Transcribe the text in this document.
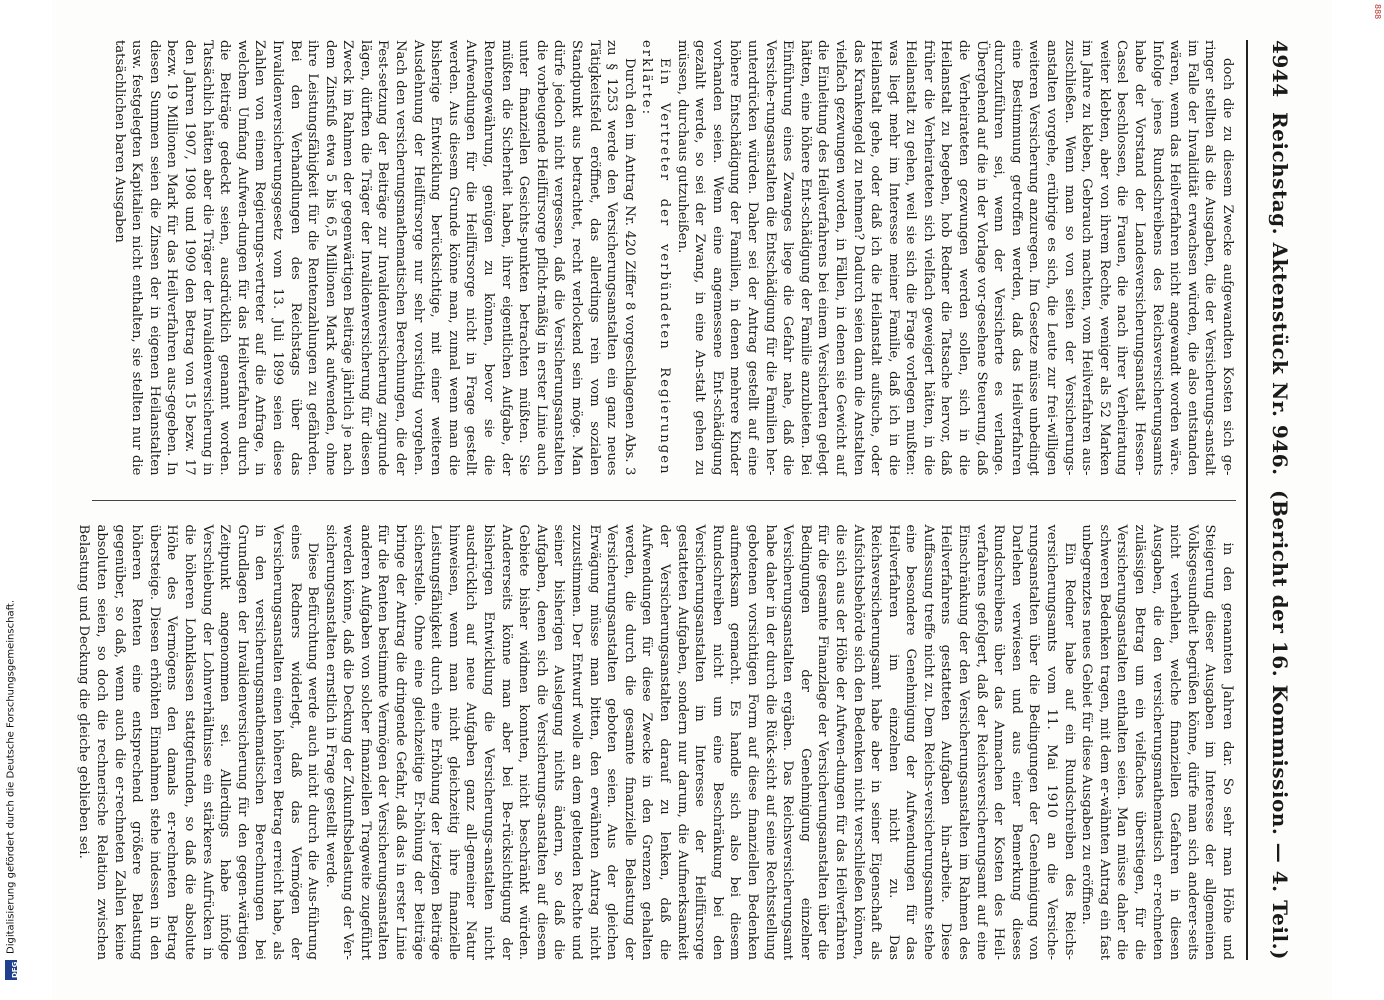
DFG
Digitalisierung gefördert durch die Deutsche Forschungsgemeinschaft.
888
4944
Reichstag. Aktenstück Nr. 946.
(Bericht der 16. Kommission. — 4. Teil.)

doch die zu diesem Zwecke aufgewandten Kosten sich ge-ringer stellten als die Ausgaben, die der Versicherungs-anstalt im Falle der Invalidität erwachsen würden, die also entstanden wären, wenn das Heilverfahren nicht angewandt worden wäre. Infolge jenes Rundschreibens des Reichsversicherungsamts habe der Vorstand der Landesversicherungsanstalt Hessen-Cassel beschlossen, die Frauen, die nach ihrer Verheiratung weiter klebten, aber von ihrem Rechte, weniger als 52 Marken im Jahre zu kleben, Gebrauch machten, vom Heilverfahren aus-zuschließen. Wenn man so von seiten der Versicherungs-anstalten vorgehe, erübrige es sich, die Leute zur frei-willigen weiteren Versicherung anzuregen. Im Gesetze müsse unbedingt eine Bestimmung getroffen werden, daß das Heilverfahren durchzuführen sei, wenn der Versicherte es verlange. Übergehend auf die in der Vorlage vor-gesehene Steuerung, daß die Verheirateten gezwungen werden sollen, sich in die Heilanstalt zu begeben, hob Redner die Tatsache hervor, daß früher die Verheirateten sich vielfach geweigert hätten, in die Heilanstalt zu gehen, weil sie sich die Frage vorlegen mußten: was liegt mehr im Interesse meiner Familie, daß ich in die Heilanstalt gehe, oder daß ich die Heilanstalt aufsuche, oder das Krankengeld zu nehmen? Dadurch seien dann die Anstalten vielfach gezwungen worden, in Fällen, in denen sie Gewicht auf die Einleitung des Heilverfahrens bei einem Versicherten gelegt hätten, eine höhere Ent-schädigung der Familie anzubieten. Bei Einführung eines Zwanges liege die Gefahr nahe, daß die Versiche-rungsanstalten die Entschädigung für die Familien her-unterdrücken würden. Daher sei der Antrag gestellt auf eine höhere Entschädigung der Familien, in denen mehrere Kinder vorhanden seien. Wenn eine angemessene Ent-schädigung gezahlt werde, so sei der Zwang, in eine An-stalt gehen zu müssen, durchaus gutzuheißen.

Ein Vertreter der verbündeten Regierungen erklärte:

Durch den im Antrag Nr. 420 Ziffer 8 vorgeschlagenen Abs. 3 zu § 1253 werde den Versicherungsanstalten ein ganz neues Tätigkeitsfeld eröffnet, das allerdings rein vom sozialen Standpunkt aus betrachtet, recht verlockend sein möge. Man dürfe jedoch nicht vergessen, daß die Versicherungsanstalten die vorbeugende Heilfürsorge pflicht-mäßig in erster Linie auch unter finanziellen Gesichts-punkten betrachten müßten. Sie müßten die Sicherheit haben, ihrer eigentlichen Aufgabe, der Rentengewährung, genügen zu können, bevor sie die Aufwendungen für die Heilfürsorge nicht in Frage gestellt werden. Aus diesem Grunde könne man, zumal wenn man die bisherige Entwicklung berücksichtige, mit einer weiteren Ausdehnung der Heilfürsorge nur sehr vorsichtig vorgehen. Nach den versicherungsmathematischen Berechnungen, die der Fest-setzung der Beiträge zur Invalidenversicherung zugrunde lägen, dürften die Träger der Invalidenversicherung für diesen Zweck im Rahmen der gegenwärtigen Beiträge jährlich je nach dem Zinsfuß etwa 5 bis 6,5 Millionen Mark aufwenden, ohne ihre Leistungsfähigkeit für die Rentenzahlungen zu gefährden. Bei den Verhandlungen des Reichstags über das Invalidenversicherungsgesetz vom 13. Juli 1899 seien diese Zahlen von einem Regierungs-vertreter auf die Anfrage, in welchem Umfang Aufwen-dungen für das Heilverfahren durch die Beiträge gedeckt seien, ausdrücklich genannt worden. Tatsächlich hätten aber die Träger der Invalidenversicherung in den Jahren 1907, 1908 und 1909 den Betrag von 15 bezw. 17 bezw. 19 Millionen Mark für das Heilverfahren aus-gegeben. In diesen Summen seien die Zinsen der in eigenen Heilanstalten usw. festgelegten Kapitalien nicht enthalten, sie stellten nur die tatsächlichen baren Ausgaben

in den genannten Jahren dar. So sehr man Höhe und Steigerung dieser Ausgaben im Interesse der allgemeinen Volksgesundheit begrüßen könne, dürfe man sich anderer-seits nicht verhehlen, welche finanziellen Gefahren in diesen Ausgaben, die den versicherungsmathematisch er-rechneten zulässigen Betrag um ein vielfaches überstiegen, für die Versicherungsanstalten enthalten seien. Man müsse daher die schweren Bedenken tragen, mit dem er-wähnten Antrag ein fast unbegrenztes neues Gebiet für diese Ausgaben zu eröffnen.

Ein Redner habe auf ein Rundschreiben des Reichs-versicherungsamts vom 11. Mai 1910 an die Versiche-rungsanstalten über die Bedingungen der Genehmigung von Darlehen verwiesen und aus einer Bemerkung dieses Rundschreibens über das Anmachen der Kosten des Heil-verfahrens gefolgert, daß der Reichsversicherungsamt auf eine Einschränkung der den Versicherungsanstalten im Rahmen des Heilverfahrens gestatteten Aufgaben hin-arbeite. Diese Auffassung treffe nicht zu. Dem Reichs-versicherungsamte stehe eine besondere Genehmigung der Aufwendungen für das Heilverfahren im einzelnen nicht zu. Das Reichsversicherungsamt habe aber in seiner Eigenschaft als Aufsichtsbehörde sich den Bedenken nicht verschließen können, die sich aus der Höhe der Aufwen-dungen für das Heilverfahren für die gesamte Finanzlage der Versicherungsanstalten über die Bedingungen der Genehmigung einzelner Versicherungsanstalten ergäben. Das Reichsversicherungsamt habe daher in der durch die Rück-sicht auf seine Rechtsstellung gebotenen vorsichtigen Form auf diese finanziellen Bedenken aufmerksam gemacht. Es handle sich also bei diesem Rundschreiben nicht um eine Beschränkung bei den Versicherungsanstalten im Interesse der Heilfürsorge gestatteten Aufgaben, sondern nur darum, die Aufmerksamkeit der Versicherungsanstalten darauf zu lenken, daß die Aufwendungen für diese Zwecke in den Grenzen gehalten werden, die durch die gesamte finanzielle Belastung der Versicherungsanstalten geboten seien. Aus der gleichen Erwägung müsse man bitten, den erwähnten Antrag nicht zuzustimmen. Der Entwurf wolle an dem geltenden Rechte und seiner bisherigen Auslegung nichts ändern, so daß die Aufgaben, denen sich die Versicherungs-anstalten auf diesem Gebiete bisher widmen konnten, nicht beschränkt würden. Andererseits könne man aber bei Be-rücksichtigung der bisherigen Entwicklung die Versicherungs-anstalten nicht ausdrücklich auf neue Aufgaben ganz all-gemeiner Natur hinweisen, wenn man nicht gleichzeitig ihre finanzielle Leistungsfähigkeit durch eine Erhöhung der jetzigen Beiträge sicherstelle. Ohne eine gleichzeitige Er-höhung der Beiträge bringe der Antrag die dringende Gefahr, daß das in erster Linie für die Renten bestimmte Vermögen der Versicherungsanstalten anderen Aufgaben von solcher finanziellen Tragweite zugeführt werden könne, daß die Deckung der Zukunftsbelastung der Ver-sicherungsanstalten ernstlich in Frage gestellt werde.

Diese Befürchtung werde auch nicht durch die Aus-führung eines Redners widerlegt, daß das Vermögen der Versicherungsanstalten einen höheren Betrag erreicht habe, als in den versicherungsmathematischen Berechnungen bei Grundlagen der Invalidenversicherung für den gegen-wärtigen Zeitpunkt angenommen sei. Allerdings habe infolge Verschiebung der Lohnverhältnisse ein stärkeres Aufrücken in die höheren Lohnklassen stattgefunden, so daß die absolute Höhe des Vermögens den damals er-rechneten Betrag übersteige. Diesen erhöhten Einnahmen stehe indessen in den höheren Renten eine entsprechend größere Belastung gegenüber, so daß, wenn auch die er-rechneten Zahlen keine absoluten seien, so doch die rechnerische Relation zwischen Belastung und Deckung die gleiche geblieben sei.
